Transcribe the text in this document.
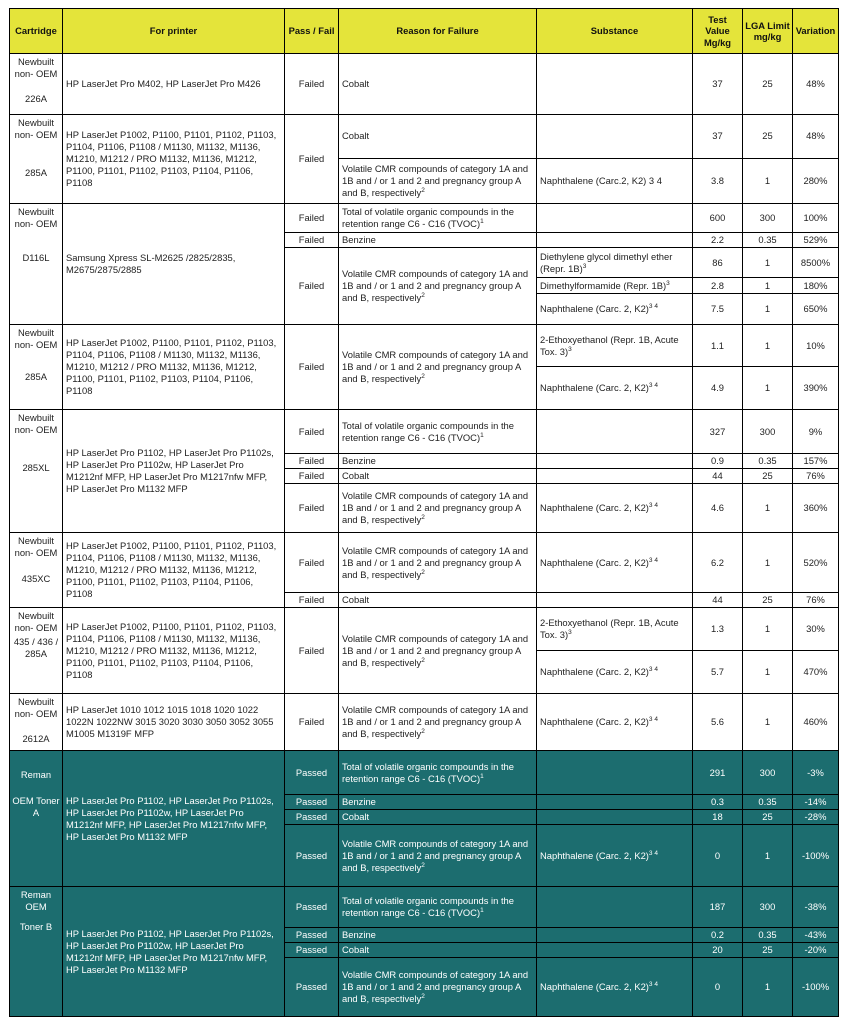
Cartridge	For printer	Pass / Fail	Reason for Failure	Substance	Test Value Mg/kg	LGA Limit mg/kg	Variation

Newbuilt non- OEM
226A	HP LaserJet Pro M402, HP LaserJet Pro M426	Failed	Cobalt		37	25	48%

Newbuilt non- OEM
285A	HP LaserJet P1002, P1100, P1101, P1102, P1103, P1104, P1106, P1108 / M1130, M1132, M1136, M1210, M1212 / PRO M1132, M1136, M1212, P1100, P1101, P1102, P1103, P1104, P1106, P1108	Failed	Cobalt		37	25	48%
			Volatile CMR compounds of category 1A and 1B and / or 1 and 2 and pregnancy group A and B, respectively$^2$	Naphthalene (Carc.2, K2) 3 4	3.8	1	280%

Newbuilt non- OEM
D116L	Samsung Xpress SL-M2625 /2825/2835, M2675/2875/2885	Failed	Total of volatile organic compounds in the retention range C6 - C16 (TVOC)$^1$		600	300	100%
		Failed	Benzine		2.2	0.35	529%
		Failed	Volatile CMR compounds of category 1A and 1B and / or 1 and 2 and pregnancy group A and B, respectively$^2$	Diethylene glycol dimethyl ether (Repr. 1B)$^3$	86	1	8500%
				Dimethylformamide (Repr. 1B)$^3$	2.8	1	180%
				Naphthalene (Carc. 2, K2)$^{3 4}$	7.5	1	650%

Newbuilt non- OEM
285A	HP LaserJet P1002, P1100, P1101, P1102, P1103, P1104, P1106, P1108 / M1130, M1132, M1136, M1210, M1212 / PRO M1132, M1136, M1212, P1100, P1101, P1102, P1103, P1104, P1106, P1108	Failed	Volatile CMR compounds of category 1A and 1B and / or 1 and 2 and pregnancy group A and B, respectively$^2$	2-Ethoxyethanol (Repr. 1B, Acute Tox. 3)$^3$	1.1	1	10%
				Naphthalene (Carc. 2, K2)$^{3 4}$	4.9	1	390%

Newbuilt non- OEM
285XL	HP LaserJet Pro P1102, HP LaserJet Pro P1102s, HP LaserJet Pro P1102w, HP LaserJet Pro M1212nf MFP, HP LaserJet Pro M1217nfw MFP, HP LaserJet Pro M1132 MFP	Failed	Total of volatile organic compounds in the retention range C6 - C16 (TVOC)$^1$		327	300	9%
		Failed	Benzine		0.9	0.35	157%
		Failed	Cobalt		44	25	76%
		Failed	Volatile CMR compounds of category 1A and 1B and / or 1 and 2 and pregnancy group A and B, respectively$^2$	Naphthalene (Carc. 2, K2)$^{3 4}$	4.6	1	360%

Newbuilt non- OEM
435XC	HP LaserJet P1002, P1100, P1101, P1102, P1103, P1104, P1106, P1108 / M1130, M1132, M1136, M1210, M1212 / PRO M1132, M1136, M1212, P1100, P1101, P1102, P1103, P1104, P1106, P1108	Failed	Volatile CMR compounds of category 1A and 1B and / or 1 and 2 and pregnancy group A and B, respectively$^2$	Naphthalene (Carc. 2, K2)$^{3 4}$	6.2	1	520%
		Failed	Cobalt		44	25	76%

Newbuilt non- OEM
435 / 436 / 285A	HP LaserJet P1002, P1100, P1101, P1102, P1103, P1104, P1106, P1108 / M1130, M1132, M1136, M1210, M1212 / PRO M1132, M1136, M1212, P1100, P1101, P1102, P1103, P1104, P1106, P1108	Failed	Volatile CMR compounds of category 1A and 1B and / or 1 and 2 and pregnancy group A and B, respectively$^2$	2-Ethoxyethanol (Repr. 1B, Acute Tox. 3)$^3$	1.3	1	30%
				Naphthalene (Carc. 2, K2)$^{3 4}$	5.7	1	470%

Newbuilt non- OEM
2612A	HP LaserJet 1010 1012 1015 1018 1020 1022 1022N 1022NW 3015 3020 3030 3050 3052 3055 M1005 M1319F MFP	Failed	Volatile CMR compounds of category 1A and 1B and / or 1 and 2 and pregnancy group A and B, respectively$^2$	Naphthalene (Carc. 2, K2)$^{3 4}$	5.6	1	460%

Reman
OEM Toner A	HP LaserJet Pro P1102, HP LaserJet Pro P1102s, HP LaserJet Pro P1102w, HP LaserJet Pro M1212nf MFP, HP LaserJet Pro M1217nfw MFP, HP LaserJet Pro M1132 MFP	Passed	Total of volatile organic compounds in the retention range C6 - C16 (TVOC)$^1$		291	300	-3%
		Passed	Benzine		0.3	0.35	-14%
		Passed	Cobalt		18	25	-28%
		Passed	Volatile CMR compounds of category 1A and 1B and / or 1 and 2 and pregnancy group A and B, respectively$^2$	Naphthalene (Carc. 2, K2)$^{3 4}$	0	1	-100%

Reman OEM
Toner B	HP LaserJet Pro P1102, HP LaserJet Pro P1102s, HP LaserJet Pro P1102w, HP LaserJet Pro M1212nf MFP, HP LaserJet Pro M1217nfw MFP, HP LaserJet Pro M1132 MFP	Passed	Total of volatile organic compounds in the retention range C6 - C16 (TVOC)$^1$		187	300	-38%
		Passed	Benzine		0.2	0.35	-43%
		Passed	Cobalt		20	25	-20%
		Passed	Volatile CMR compounds of category 1A and 1B and / or 1 and 2 and pregnancy group A and B, respectively$^2$	Naphthalene (Carc. 2, K2)$^{3 4}$	0	1	-100%
